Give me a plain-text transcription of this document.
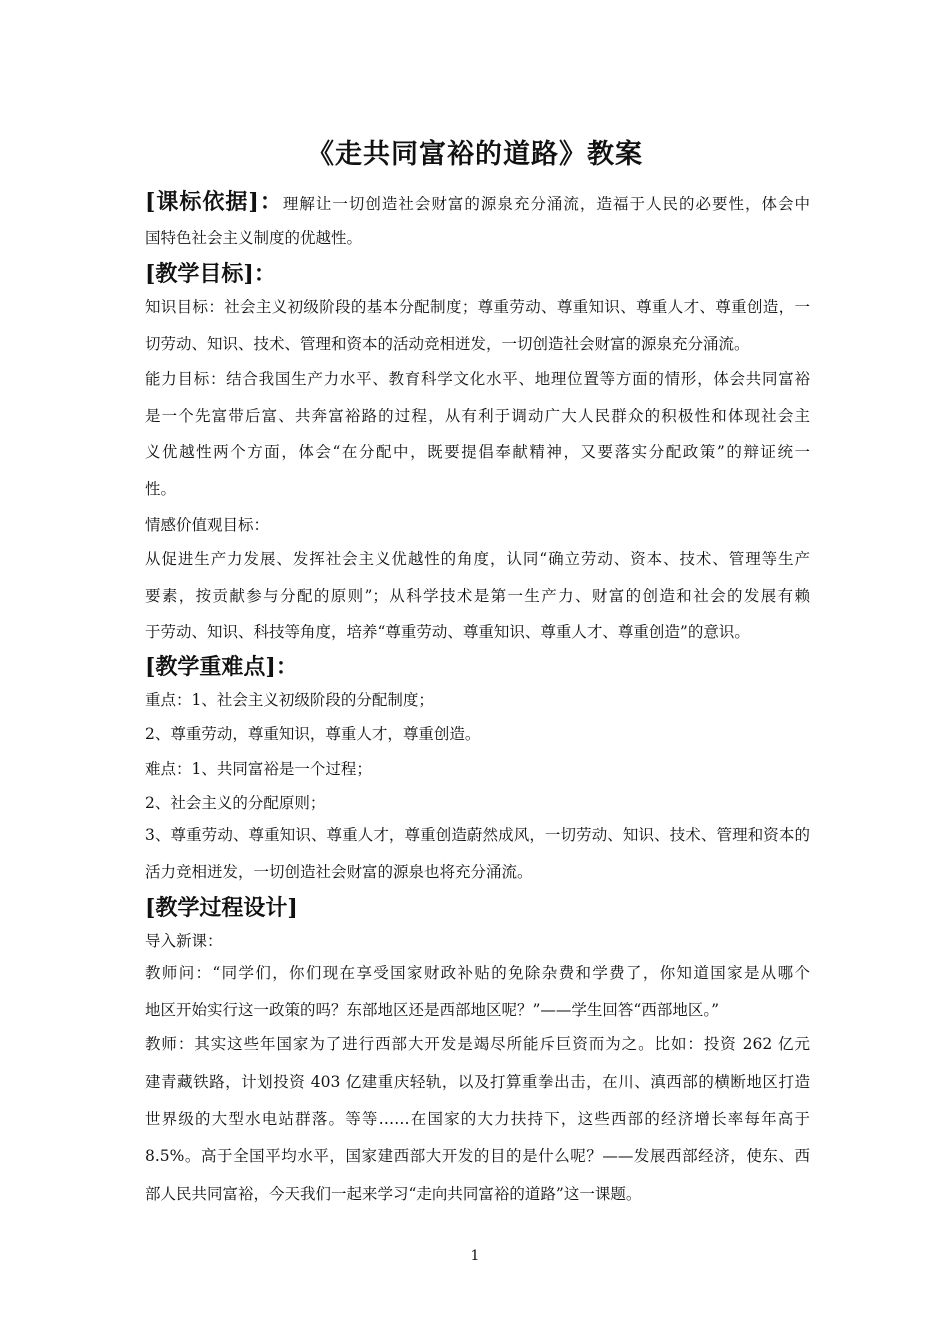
《走共同富裕的道路》教案
[课标依据]：理解让一切创造社会财富的源泉充分涌流，造福于人民的必要性，体会中
国特色社会主义制度的优越性。
[教学目标]：
知识目标：社会主义初级阶段的基本分配制度；尊重劳动、尊重知识、尊重人才、尊重创造，一
切劳动、知识、技术、管理和资本的活动竞相迸发，一切创造社会财富的源泉充分涌流。
能力目标：结合我国生产力水平、教育科学文化水平、地理位置等方面的情形，体会共同富裕
是一个先富带后富、共奔富裕路的过程，从有利于调动广大人民群众的积极性和体现社会主
义优越性两个方面，体会“在分配中，既要提倡奉献精神，又要落实分配政策”的辩证统一
性。
情感价值观目标：
从促进生产力发展、发挥社会主义优越性的角度，认同“确立劳动、资本、技术、管理等生产
要素，按贡献参与分配的原则”；从科学技术是第一生产力、财富的创造和社会的发展有赖
于劳动、知识、科技等角度，培养“尊重劳动、尊重知识、尊重人才、尊重创造”的意识。
[教学重难点]：
重点：1、社会主义初级阶段的分配制度；
2、尊重劳动，尊重知识，尊重人才，尊重创造。
难点：1、共同富裕是一个过程；
2、社会主义的分配原则；
3、尊重劳动、尊重知识、尊重人才，尊重创造蔚然成风，一切劳动、知识、技术、管理和资本的
活力竞相迸发，一切创造社会财富的源泉也将充分涌流。
[教学过程设计]
导入新课：
教师问：“同学们，你们现在享受国家财政补贴的免除杂费和学费了，你知道国家是从哪个
地区开始实行这一政策的吗？东部地区还是西部地区呢？”——学生回答“西部地区。”
教师：其实这些年国家为了进行西部大开发是竭尽所能斥巨资而为之。比如：投资 262 亿元
建青藏铁路，计划投资 403 亿建重庆轻轨，以及打算重拳出击，在川、滇西部的横断地区打造
世界级的大型水电站群落。等等……在国家的大力扶持下，这些西部的经济增长率每年高于
8.5%。高于全国平均水平，国家建西部大开发的目的是什么呢？——发展西部经济，使东、西
部人民共同富裕，今天我们一起来学习“走向共同富裕的道路”这一课题。
1
